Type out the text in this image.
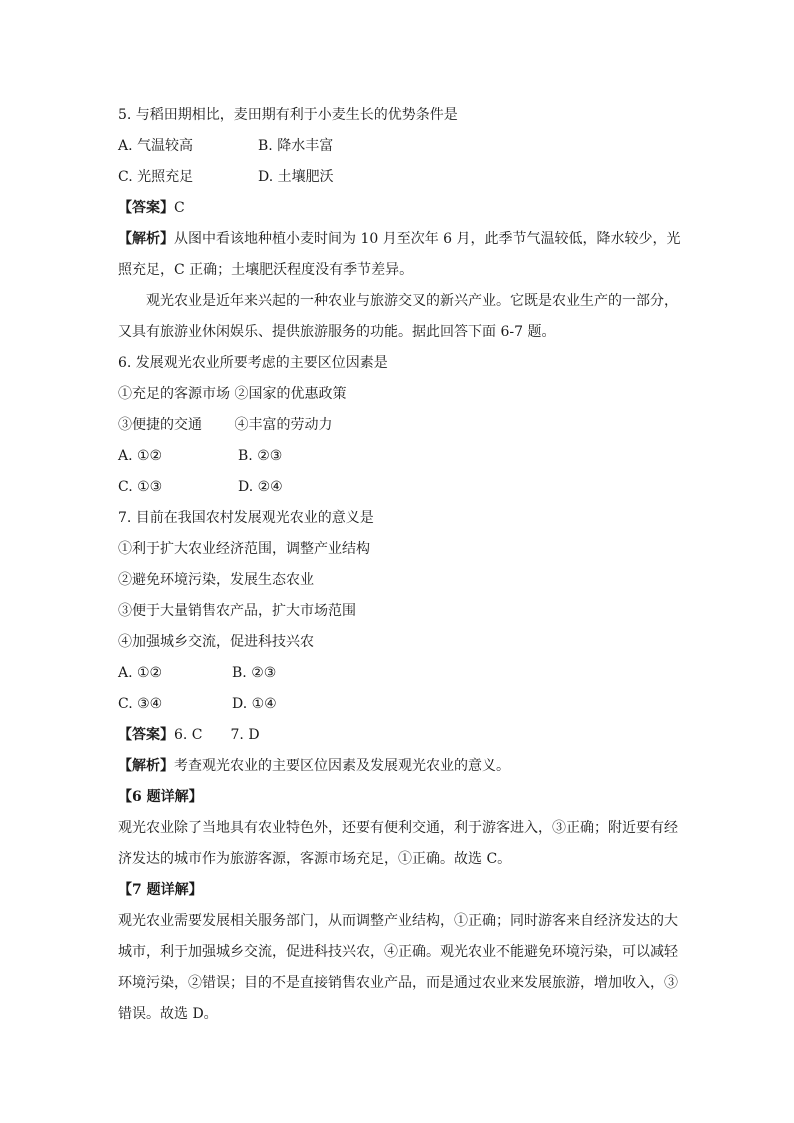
5. 与稻田期相比，麦田期有利于小麦生长的优势条件是
A. 气温较高	B. 降水丰富
C. 光照充足	D. 土壤肥沃
【答案】C
【解析】从图中看该地种植小麦时间为 10 月至次年 6 月，此季节气温较低，降水较少，光
照充足，C 正确；土壤肥沃程度没有季节差异。
观光农业是近年来兴起的一种农业与旅游交叉的新兴产业。它既是农业生产的一部分，
又具有旅游业休闲娱乐、提供旅游服务的功能。据此回答下面 6-7 题。
6. 发展观光农业所要考虑的主要区位因素是
①充足的客源市场 ②国家的优惠政策
③便捷的交通　　 ④丰富的劳动力
A. ①②	B. ②③
C. ①③	D. ②④
7. 目前在我国农村发展观光农业的意义是
①利于扩大农业经济范围，调整产业结构
②避免环境污染，发展生态农业
③便于大量销售农产品，扩大市场范围
④加强城乡交流，促进科技兴农
A. ①②	B. ②③
C. ③④	D. ①④
【答案】6. C　　7. D
【解析】考查观光农业的主要区位因素及发展观光农业的意义。
【6 题详解】
观光农业除了当地具有农业特色外，还要有便利交通，利于游客进入，③正确；附近要有经
济发达的城市作为旅游客源，客源市场充足，①正确。故选 C。
【7 题详解】
观光农业需要发展相关服务部门，从而调整产业结构，①正确；同时游客来自经济发达的大
城市，利于加强城乡交流，促进科技兴农，④正确。观光农业不能避免环境污染，可以减轻
环境污染，②错误；目的不是直接销售农业产品，而是通过农业来发展旅游，增加收入，③
错误。故选 D。
